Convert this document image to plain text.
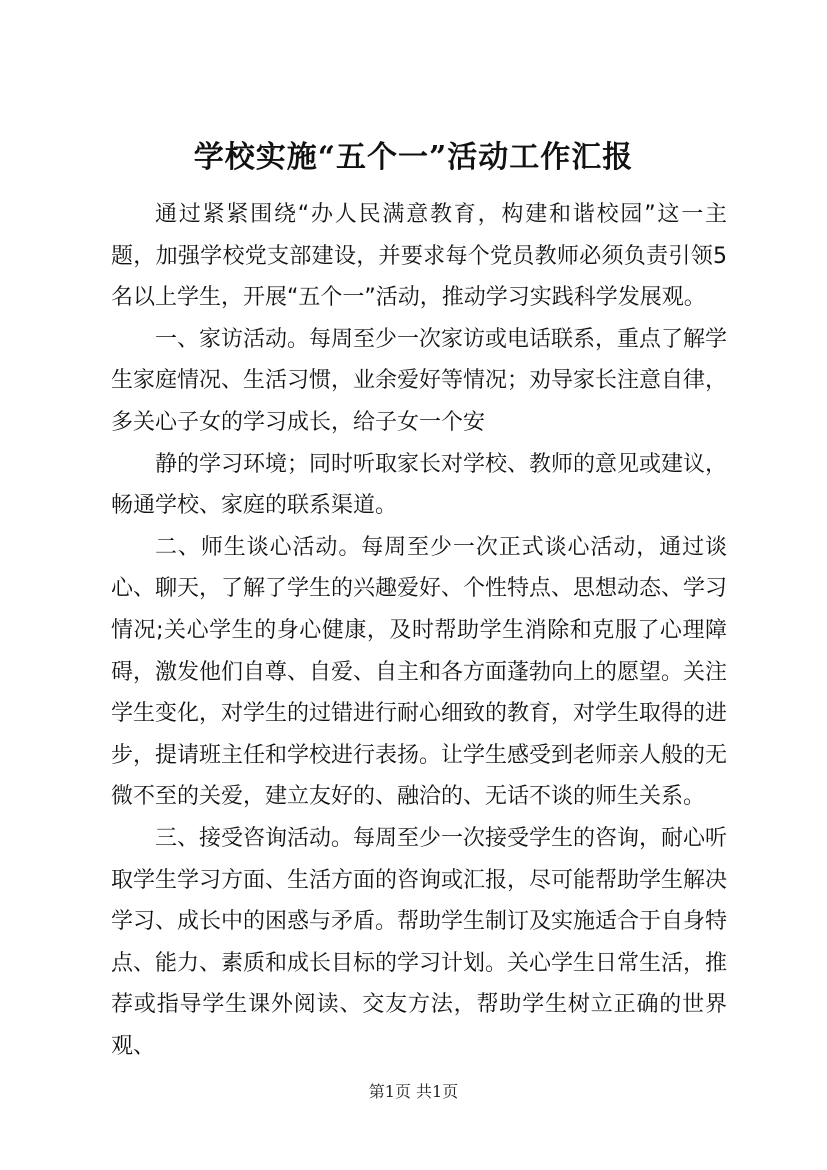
学校实施“五个一”活动工作汇报

通过紧紧围绕“办人民满意教育，构建和谐校园”这一主题，加强学校党支部建设，并要求每个党员教师必须负责引领5名以上学生，开展“五个一”活动，推动学习实践科学发展观。

一、家访活动。每周至少一次家访或电话联系，重点了解学生家庭情况、生活习惯，业余爱好等情况；劝导家长注意自律，多关心子女的学习成长，给子女一个安

静的学习环境；同时听取家长对学校、教师的意见或建议，畅通学校、家庭的联系渠道。

二、师生谈心活动。每周至少一次正式谈心活动，通过谈心、聊天，了解了学生的兴趣爱好、个性特点、思想动态、学习情况;关心学生的身心健康，及时帮助学生消除和克服了心理障碍，激发他们自尊、自爱、自主和各方面蓬勃向上的愿望。关注学生变化，对学生的过错进行耐心细致的教育，对学生取得的进步，提请班主任和学校进行表扬。让学生感受到老师亲人般的无微不至的关爱，建立友好的、融洽的、无话不谈的师生关系。

三、接受咨询活动。每周至少一次接受学生的咨询，耐心听取学生学习方面、生活方面的咨询或汇报，尽可能帮助学生解决学习、成长中的困惑与矛盾。帮助学生制订及实施适合于自身特点、能力、素质和成长目标的学习计划。关心学生日常生活，推荐或指导学生课外阅读、交友方法，帮助学生树立正确的世界观、

第1页 共1页
